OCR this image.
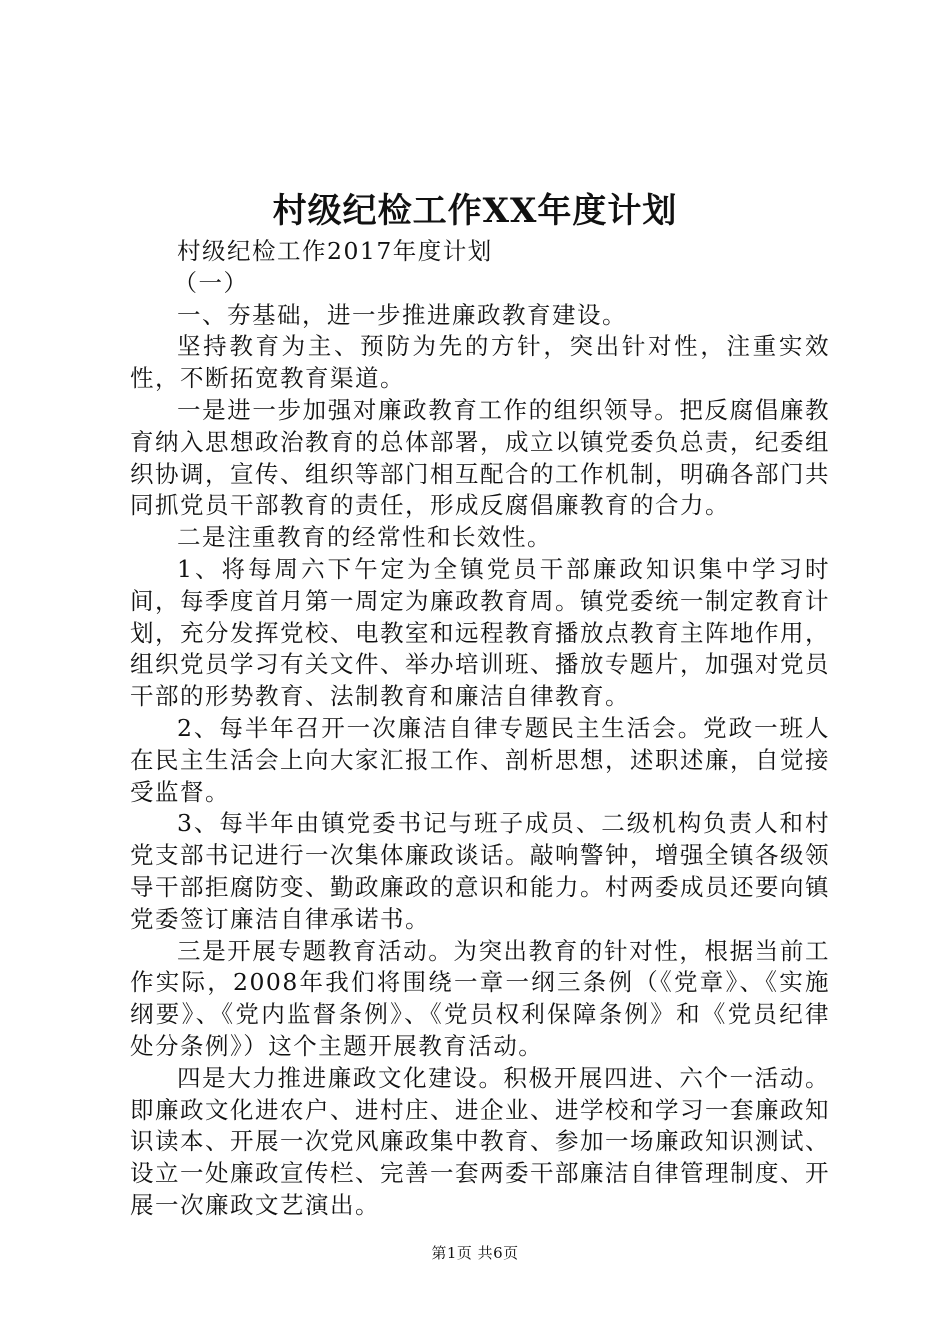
村级纪检工作XX年度计划

村级纪检工作2017年度计划

（一）

一、夯基础，进一步推进廉政教育建设。

坚持教育为主、预防为先的方针，突出针对性，注重实效性，不断拓宽教育渠道。

一是进一步加强对廉政教育工作的组织领导。把反腐倡廉教育纳入思想政治教育的总体部署，成立以镇党委负总责，纪委组织协调，宣传、组织等部门相互配合的工作机制，明确各部门共同抓党员干部教育的责任，形成反腐倡廉教育的合力。

二是注重教育的经常性和长效性。

1、将每周六下午定为全镇党员干部廉政知识集中学习时间，每季度首月第一周定为廉政教育周。镇党委统一制定教育计划，充分发挥党校、电教室和远程教育播放点教育主阵地作用，组织党员学习有关文件、举办培训班、播放专题片，加强对党员干部的形势教育、法制教育和廉洁自律教育。

2、每半年召开一次廉洁自律专题民主生活会。党政一班人在民主生活会上向大家汇报工作、剖析思想，述职述廉，自觉接受监督。

3、每半年由镇党委书记与班子成员、二级机构负责人和村党支部书记进行一次集体廉政谈话。敲响警钟，增强全镇各级领导干部拒腐防变、勤政廉政的意识和能力。村两委成员还要向镇党委签订廉洁自律承诺书。

三是开展专题教育活动。为突出教育的针对性，根据当前工作实际，2008年我们将围绕一章一纲三条例（《党章》、《实施纲要》、《党内监督条例》、《党员权利保障条例》和《党员纪律处分条例》）这个主题开展教育活动。

四是大力推进廉政文化建设。积极开展四进、六个一活动。即廉政文化进农户、进村庄、进企业、进学校和学习一套廉政知识读本、开展一次党风廉政集中教育、参加一场廉政知识测试、设立一处廉政宣传栏、完善一套两委干部廉洁自律管理制度、开展一次廉政文艺演出。

第1页 共6页
